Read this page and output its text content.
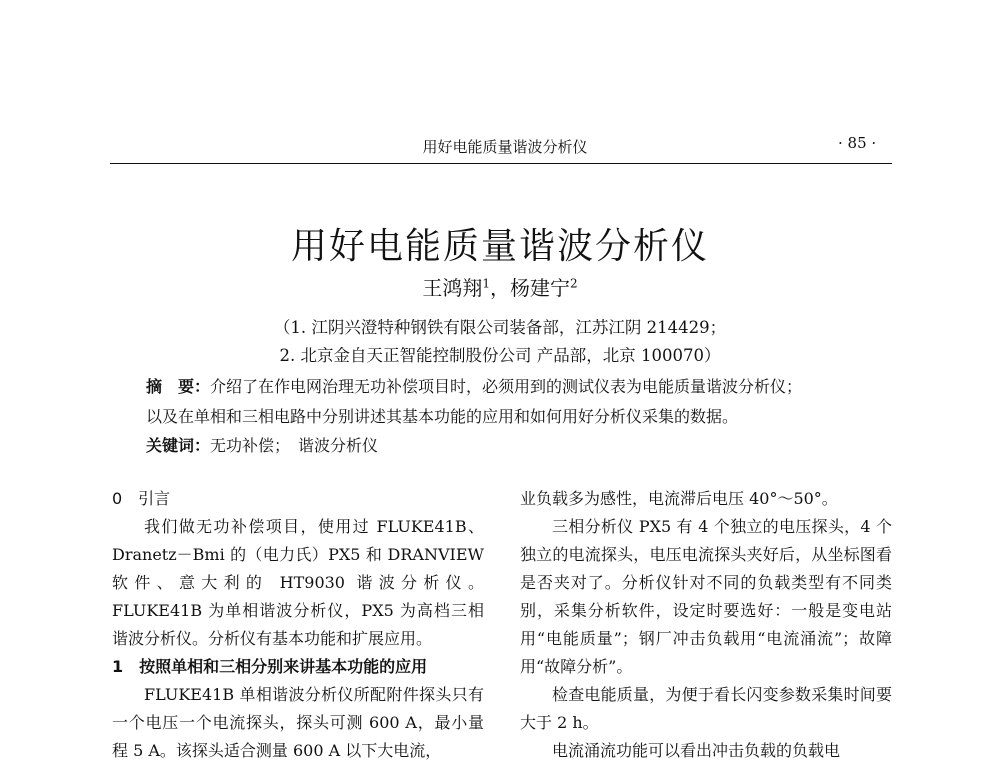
用好电能质量谐波分析仪	· 85 ·
用好电能质量谐波分析仪
王鸿翔$^1$，杨建宁$^2$
（1. 江阴兴澄特种钢铁有限公司装备部，江苏江阴 214429；
2. 北京金自天正智能控制股份公司 产品部，北京 100070）
摘　要：介绍了在作电网治理无功补偿项目时，必须用到的测试仪表为电能质量谐波分析仪；
以及在单相和三相电路中分别讲述其基本功能的应用和如何用好分析仪采集的数据。
关键词：无功补偿；　谐波分析仪

0　引言

我们做无功补偿项目，使用过 FLUKE41B、Dranetz－Bmi 的（电力氏）PX5 和 DRANVIEW 软件、意大利的 HT9030 谐波分析仪。FLUKE41B 为单相谐波分析仪，PX5 为高档三相谐波分析仪。分析仪有基本功能和扩展应用。

1　按照单相和三相分别来讲基本功能的应用

FLUKE41B 单相谐波分析仪所配附件探头只有一个电压一个电流探头，探头可测 600 A，最小量程 5 A。该探头适合测量 600 A 以下大电流，

业负载多为感性，电流滞后电压 40°～50°。

三相分析仪 PX5 有 4 个独立的电压探头，4 个独立的电流探头，电压电流探头夹好后，从坐标图看是否夹对了。分析仪针对不同的负载类型有不同类别，采集分析软件，设定时要选好：一般是变电站用“电能质量”；钢厂冲击负载用“电流涌流”；故障用“故障分析”。

检查电能质量，为便于看长闪变参数采集时间要大于 2 h。

电流涌流功能可以看出冲击负载的负载电
